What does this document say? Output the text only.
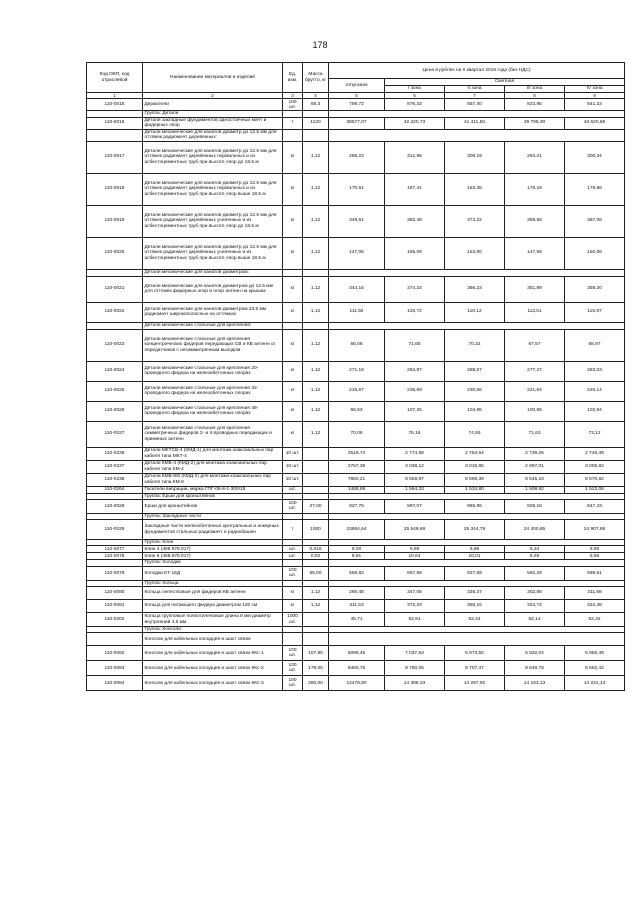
178
Код ОКП, код отраслевой	Наименование материалов и изделий	Ед. изм.	Масса брутто, кг	Цена в рублях на II квартал 2016 года (без НДС)				
				отпускная	Сметная			
					I зона	II зона	III зона	IV зона
1	2	3	4	5	6	7	8	9
110-0015	Держатели	100 шт.	68,3	798,72	876,33	857,40	823,86	841,23
	Группа: Детали							
110-0016	Детали закладные фундаментов одностоечных мачт и фидерных опор	т	1120	38577,07	42 320,73	41 411,50	39 798,30	40 620,68
	Детали механические для канатов диаметр до 12.5 мм для оттяжек радиомачт деревянных:							
110-0017	Детали механические для канатов диаметр до 12.5 мм для оттяжек радиомачт деревянных нормальных и из асбестоцементных труб при высоте опор до 18.5 м	кг	1,12	285,23	312,95	306,19	294,21	300,34
110-0018	Детали механические для канатов диаметр до 12.5 мм для оттяжек радиомачт деревянных нормальных и из асбестоцементных труб при высоте опор выше 18.5 м	кг	1,12	170,61	187,41	183,38	176,19	179,86
110-0019	Детали механические для канатов диаметр до 12.5 мм для оттяжек радиомачт деревянных усиленных и из асбестоцементных труб при высоте опор до 18.5 м	кг	1,12	349,61	382,49	374,22	359,56	367,06
110-0020	Детали механические для канатов диаметр до 12.5 мм для оттяжек радиомачт деревянных усиленных и из асбестоцементных труб при высоте опор выше 18.5 м	кг	1,12	147,06	156,09	153,60	147,59	150,66
	Детали механические для канатов диаметром:							
110-0021	Детали механические для канатов диаметром до 12.5 мм для оттяжек фидерных опор и опор антенн на крышах	кг	1,12	344,16	374,23	366,23	351,89	359,20
110-0022	Детали механические для канатов диаметром 23.5 мм радиомачт широкополосных на оттяжках	кг	1,12	111,92	120,72	118,12	113,51	115,87
	Детали механические стальные для крепления:							
110-0023	Детали механические стальные для крепления концентрических фидеров передающих СВ и КВ антенн от передатчиков с несиммитричным выходом	кг	1,12	66,08	71,65	70,32	67,57	68,97
110-0024	Детали механические стальные для крепления 20-проводного фидера на железобетонных опорах	кг	1,12	271,18	294,87	288,57	277,27	283,03
110-0025	Детали механические стальные для крепления 32-проводного фидера на железобетонных опорах	кг	1,12	216,67	235,69	230,66	221,64	226,14
110-0026	Детали механические стальные для крепления 48-проводного фидера на железобетонных опорах	кг	1,12	98,63	107,25	104,95	100,65	102,94
110-0027	Детали механические стальные для крепления симметричных фидеров 2- и 4-проводных передающих и приемных антенн	кг	1,12	70,06	76,16	74,55	71,63	73,12
110-0236	Детали МКТСБ-4 (КМД-1) для монтажа коаксиальных пар кабеля типа МКТ-4	10 шт.		2518,74	2 774,98	2 754,64	2 739,25	2 746,49
110-0237	Детали КМБ-4 (КМД-2) для монтажа коаксиальных пар кабеля типа КМ-4	10 шт.		2767,39	3 038,12	3 015,85	2 997,01	3 006,82
110-0238	Детали КМБ-8/6 (КМД-2) для монтажа коаксиальных пар кабеля типа КМ-8	10 шт.		7860,21	8 659,87	8 596,39	8 545,23	8 570,82
110-0264	Гасители вибрации, марка ГПГ-06-8-1-300/18	шт.		1468,69	1 564,33	1 534,80	1 508,92	1 523,08
	Группа: Ерши для кронштейнов							
110-0028	Ерши для кронштейнов	100 шт.	27,00	937,76	997,07	965,96	928,18	947,43
	Группа: Закладные части							
110-0029	Закладные части железобетонных центральных и анкерных фундаментов стальных радиомачт и радиобашен	т	1000	23864,64	25 549,69	25 344,79	24 400,85	24 907,68
	Группа: Клин							
110-0077	Клин 4 (488.978.017)	шт.	0,018	8,00	9,59	8,96	8,34	8,59
110-0078	Клин 6 (488.978.017)	шт.	0,02	8,91	10,64	10,01	9,28	9,56
	Группа: Колодки							
110-0079	Колодки КТ-16Д	100 шт.	55,00	556,82	667,56	627,69	582,29	599,61
	Группа: Кольца							
110-0080	Кольца лепестковые для фидеров КВ антенн	кг	1,12	290,48	347,05	326,37	302,88	311,68
110-0081	Кольца для питающего фидера диаметром 120 см	кг	1,12	311,53	372,33	350,15	324,72	334,38
110-0202	Кольца групповые полиэтиленовые длина 8 мм диаметр внутренний 4,6 мм	1000 шт.		45,71	52,91	52,44	52,14	52,32
	Группа: Консоли							
	Консоли для кабельных колодцев и шахт связи:							
110-0082	Консоли для кабельных колодцев и шахт связи ККс-1	100 шт.	107,90	6099,45	7 037,63	6 973,50	6 932,04	6 955,49
110-0083	Консоли для кабельных колодцев и шахт связи ККс-2	100 шт.	179,00	8450,76	9 780,05	9 707,47	9 649,78	9 682,42
110-0084	Консоли для кабельных колодцев и шахт связи ККс-3	100 шт.	280,00	12479,80	14 388,33	14 287,92	14 183,13	14 231,13
